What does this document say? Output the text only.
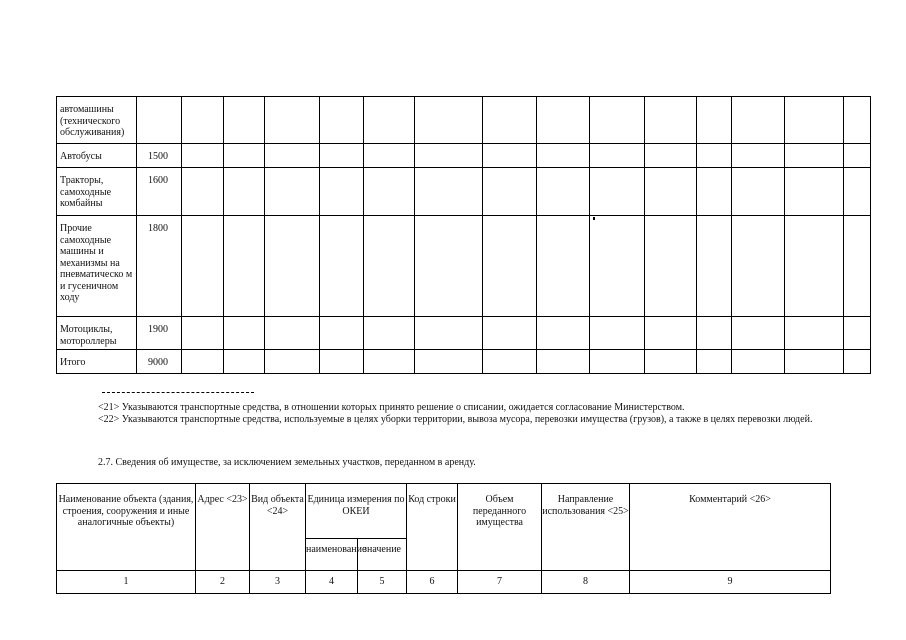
автомашины (технического обслуживания)															
Автобусы	1500														
Тракторы, самоходные комбайны	1600														
Прочие самоходные машины и механизмы на пневматическо м и гусеничном ходу	1800														
Мотоциклы, мотороллеры	1900														
Итого	9000														
<21> Указываются транспортные средства, в отношении которых принято решение о списании, ожидается согласование Министерством.
<22> Указываются транспортные средства, используемые в целях уборки территории, вывоза мусора, перевозки имущества (грузов), а также в целях перевозки людей.
2.7. Сведения об имуществе, за исключением земельных участков, переданном в аренду.
Наименование объекта (здания, строения, сооружения и иные аналогичные объекты)	Адрес <23>	Вид объекта <24>	Единица измерения по ОКЕИ		Код строки	Объем переданного имущества	Направление использования <25>	Комментарий <26>
			наименование	значение				
1	2	3	4	5	6	7	8	9
